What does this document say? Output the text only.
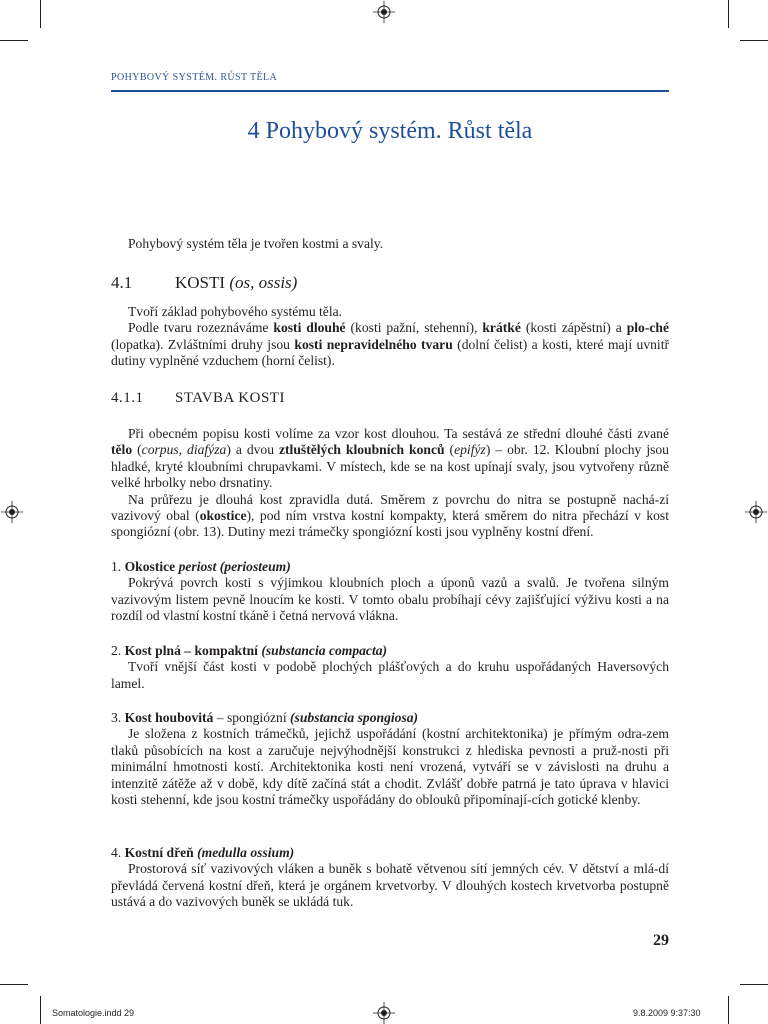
POHYBOVÝ SYSTÉM. RŮST TĚLA
4 Pohybový systém. Růst těla

Pohybový systém těla je tvořen kostmi a svaly.

4.1	KOSTI (os, ossis)

Tvoří základ pohybového systému těla.

Podle tvaru rozeznáváme kosti dlouhé (kosti pažní, stehenní), krátké (kosti zápěstní) a plo-ché (lopatka). Zvláštními druhy jsou kosti nepravidelného tvaru (dolní čelist) a kosti, které mají uvnitř dutiny vyplněné vzduchem (horní čelist).

4.1.1 STAVBA KOSTI

Při obecném popisu kosti volíme za vzor kost dlouhou. Ta sestává ze střední dlouhé části zvané tělo (corpus, diafýza) a dvou ztluštělých kloubních konců (epifýz) – obr. 12. Kloubní plochy jsou hladké, kryté kloubními chrupavkami. V místech, kde se na kost upínají svaly, jsou vytvořeny různě velké hrbolky nebo drsnatiny.

Na průřezu je dlouhá kost zpravidla dutá. Směrem z povrchu do nitra se postupně nachá-zí vazivový obal (okostice), pod ním vrstva kostní kompakty, která směrem do nitra přechází v kost spongiózní (obr. 13). Dutiny mezi trámečky spongiózní kosti jsou vyplněny kostní dření.

1. Okostice periost (periosteum)

Pokrývá povrch kosti s výjimkou kloubních ploch a úponů vazů a svalů. Je tvořena silným vazivovým listem pevně lnoucím ke kosti. V tomto obalu probíhají cévy zajišťující výživu kosti a na rozdíl od vlastní kostní tkáně i četná nervová vlákna.

2. Kost plná – kompaktní (substancia compacta)

Tvoří vnější část kosti v podobě plochých plášťových a do kruhu uspořádaných Haversových lamel.

3. Kost houbovitá – spongiózní (substancia spongiosa)

Je složena z kostních trámečků, jejichž uspořádání (kostní architektonika) je přímým odra-zem tlaků působících na kost a zaručuje nejvýhodnější konstrukci z hlediska pevnosti a pruž-nosti při minimální hmotnosti kostí. Architektonika kosti není vrozená, vytváří se v závislosti na druhu a intenzitě zátěže až v době, kdy dítě začíná stát a chodit. Zvlášť dobře patrná je tato úprava v hlavici kosti stehenní, kde jsou kostní trámečky uspořádány do oblouků připomínají-cích gotické klenby.

4. Kostní dřeň (medulla ossium)

Prostorová síť vazivových vláken a buněk s bohatě větvenou sítí jemných cév. V dětství a mlá-dí převládá červená kostní dřeň, která je orgánem krvetvorby. V dlouhých kostech krvetvorba postupně ustává a do vazivových buněk se ukládá tuk.

29
Somatologie.indd 29	9.8.2009 9:37:30
